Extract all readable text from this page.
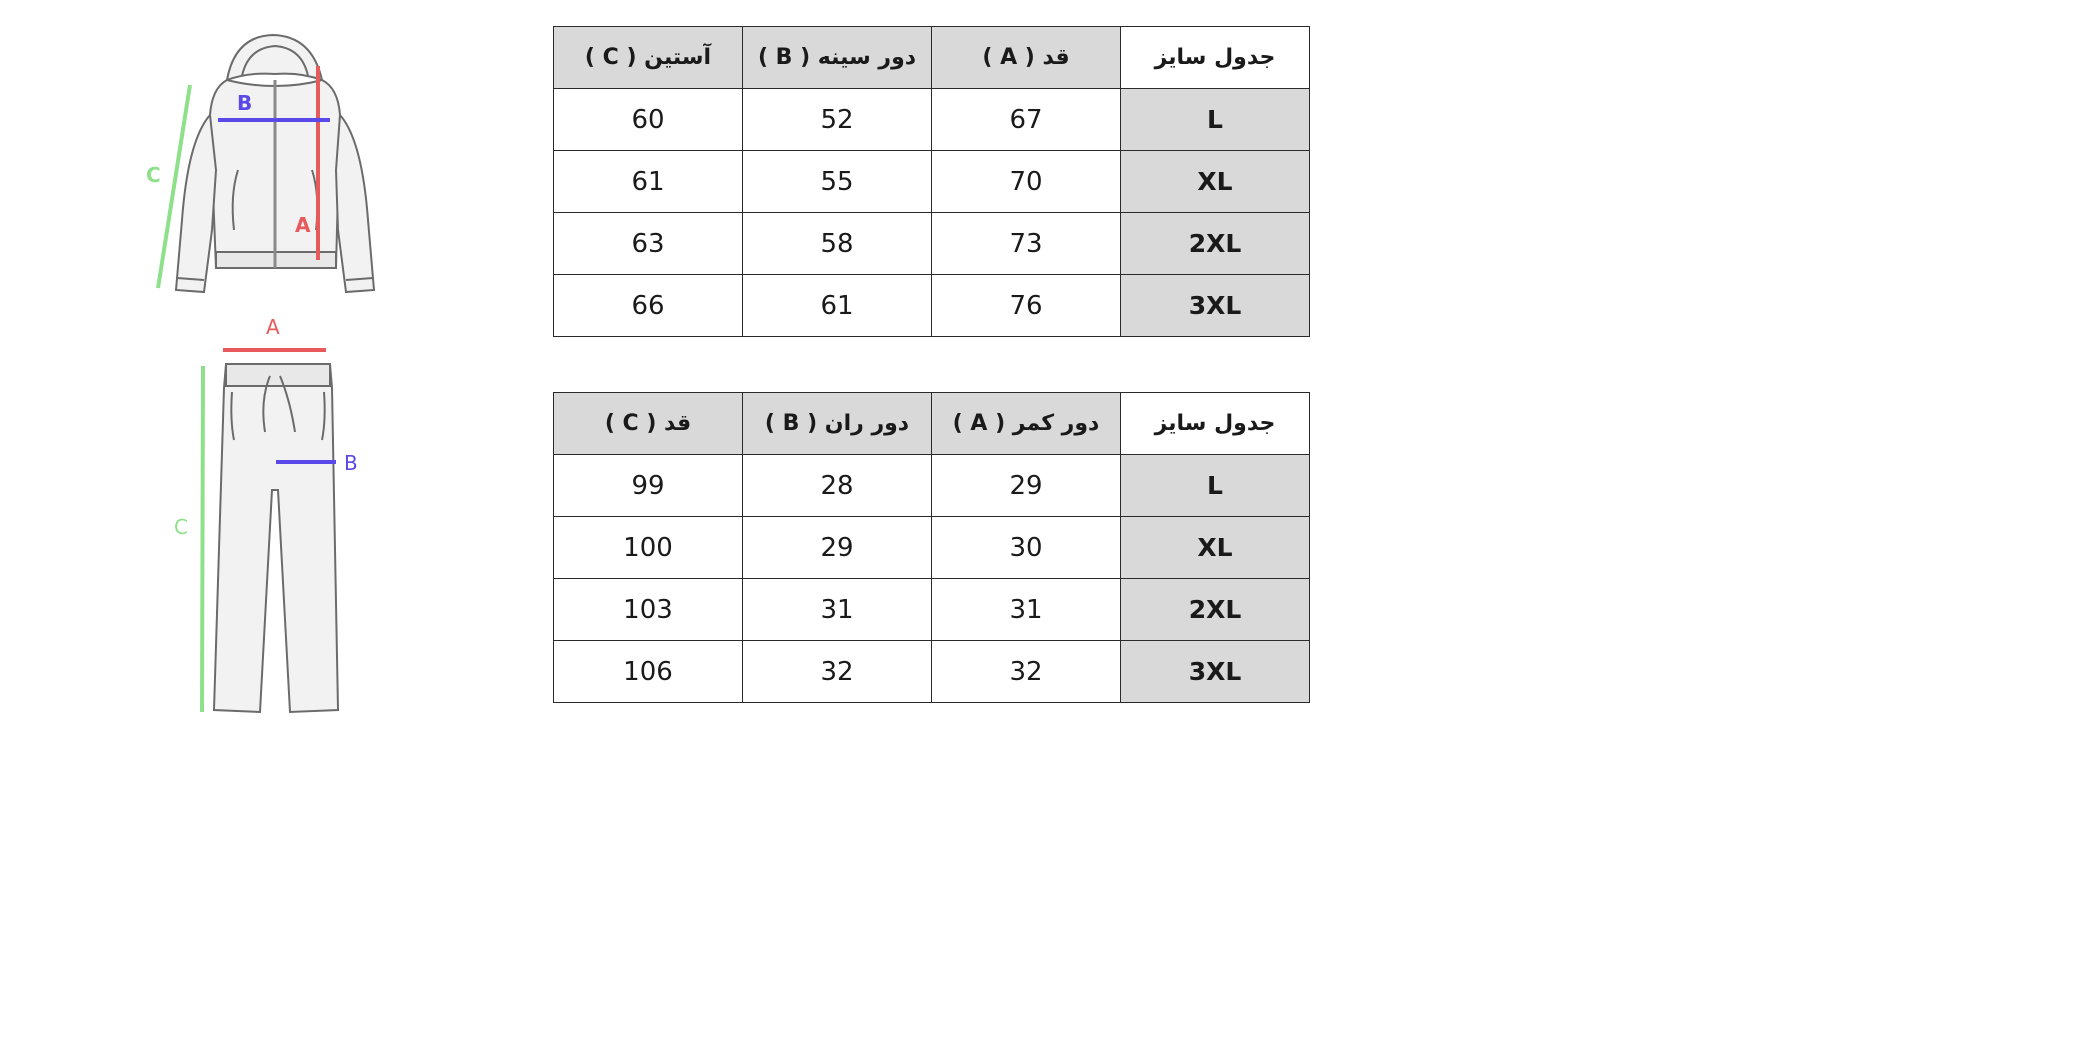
A
B
C
A
B
C
آستین ( C )	دور سینه ( B )	قد ( A )	جدول سایز
60	52	67	L
61	55	70	XL
63	58	73	2XL
66	61	76	3XL
قد ( C )	دور ران ( B )	دور کمر ( A )	جدول سایز
99	28	29	L
100	29	30	XL
103	31	31	2XL
106	32	32	3XL
